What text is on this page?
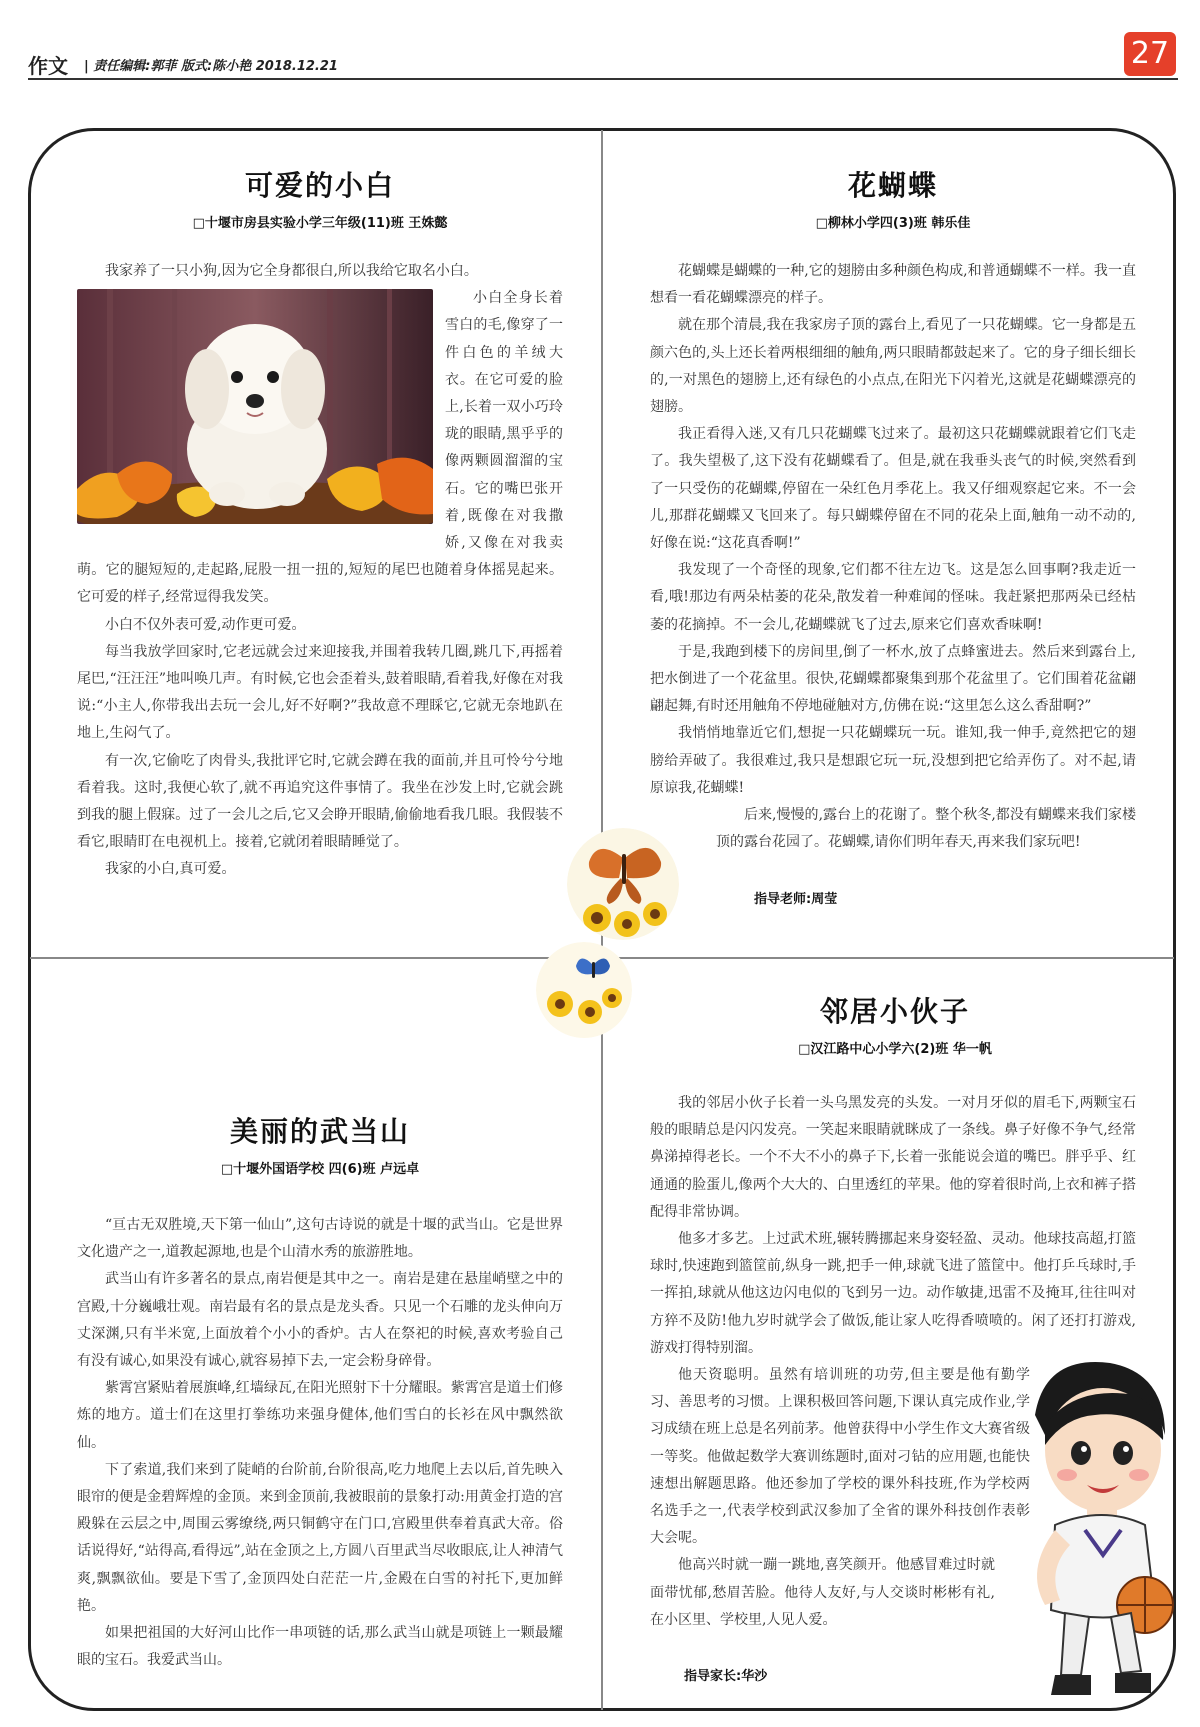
作文 | 责任编辑:郭菲 版式:陈小艳 2018.12.21	27
可爱的小白
□十堰市房县实验小学三年级(11)班 王姝懿

我家养了一只小狗,因为它全身都很白,所以我给它取名小白。

小白全身长着雪白的毛,像穿了一件白色的羊绒大衣。在它可爱的脸上,长着一双小巧玲珑的眼睛,黑乎乎的像两颗圆溜溜的宝石。它的嘴巴张开着,既像在对我撒娇,又像在对我卖萌。它的腿短短的,走起路,屁股一扭一扭的,短短的尾巴也随着身体摇晃起来。它可爱的样子,经常逗得我发笑。

小白不仅外表可爱,动作更可爱。

每当我放学回家时,它老远就会过来迎接我,并围着我转几圈,跳几下,再摇着尾巴,“汪汪汪”地叫唤几声。有时候,它也会歪着头,鼓着眼睛,看着我,好像在对我说:“小主人,你带我出去玩一会儿,好不好啊?”我故意不理睬它,它就无奈地趴在地上,生闷气了。

有一次,它偷吃了肉骨头,我批评它时,它就会蹲在我的面前,并且可怜兮兮地看着我。这时,我便心软了,就不再追究这件事情了。我坐在沙发上时,它就会跳到我的腿上假寐。过了一会儿之后,它又会睁开眼睛,偷偷地看我几眼。我假装不看它,眼睛盯在电视机上。接着,它就闭着眼睛睡觉了。

我家的小白,真可爱。

花蝴蝶
□柳林小学四(3)班 韩乐佳

花蝴蝶是蝴蝶的一种,它的翅膀由多种颜色构成,和普通蝴蝶不一样。我一直想看一看花蝴蝶漂亮的样子。

就在那个清晨,我在我家房子顶的露台上,看见了一只花蝴蝶。它一身都是五颜六色的,头上还长着两根细细的触角,两只眼睛都鼓起来了。它的身子细长细长的,一对黑色的翅膀上,还有绿色的小点点,在阳光下闪着光,这就是花蝴蝶漂亮的翅膀。

我正看得入迷,又有几只花蝴蝶飞过来了。最初这只花蝴蝶就跟着它们飞走了。我失望极了,这下没有花蝴蝶看了。但是,就在我垂头丧气的时候,突然看到了一只受伤的花蝴蝶,停留在一朵红色月季花上。我又仔细观察起它来。不一会儿,那群花蝴蝶又飞回来了。每只蝴蝶停留在不同的花朵上面,触角一动不动的,好像在说:“这花真香啊!”

我发现了一个奇怪的现象,它们都不往左边飞。这是怎么回事啊?我走近一看,哦!那边有两朵枯萎的花朵,散发着一种难闻的怪味。我赶紧把那两朵已经枯萎的花摘掉。不一会儿,花蝴蝶就飞了过去,原来它们喜欢香味啊!

于是,我跑到楼下的房间里,倒了一杯水,放了点蜂蜜进去。然后来到露台上,把水倒进了一个花盆里。很快,花蝴蝶都聚集到那个花盆里了。它们围着花盆翩翩起舞,有时还用触角不停地碰触对方,仿佛在说:“这里怎么这么香甜啊?”

我悄悄地靠近它们,想捉一只花蝴蝶玩一玩。谁知,我一伸手,竟然把它的翅膀给弄破了。我很难过,我只是想跟它玩一玩,没想到把它给弄伤了。对不起,请原谅我,花蝴蝶!

后来,慢慢的,露台上的花谢了。整个秋冬,都没有蝴蝶来我们家楼顶的露台花园了。花蝴蝶,请你们明年春天,再来我们家玩吧!

指导老师:周莹
美丽的武当山
□十堰外国语学校 四(6)班 卢远卓

“亘古无双胜境,天下第一仙山”,这句古诗说的就是十堰的武当山。它是世界文化遗产之一,道教起源地,也是个山清水秀的旅游胜地。

武当山有许多著名的景点,南岩便是其中之一。南岩是建在悬崖峭壁之中的宫殿,十分巍峨壮观。南岩最有名的景点是龙头香。只见一个石雕的龙头伸向万丈深渊,只有半米宽,上面放着个小小的香炉。古人在祭祀的时候,喜欢考验自己有没有诚心,如果没有诚心,就容易掉下去,一定会粉身碎骨。

紫霄宫紧贴着展旗峰,红墙绿瓦,在阳光照射下十分耀眼。紫霄宫是道士们修炼的地方。道士们在这里打拳练功来强身健体,他们雪白的长衫在风中飘然欲仙。

下了索道,我们来到了陡峭的台阶前,台阶很高,吃力地爬上去以后,首先映入眼帘的便是金碧辉煌的金顶。来到金顶前,我被眼前的景象打动:用黄金打造的宫殿躲在云层之中,周围云雾缭绕,两只铜鹤守在门口,宫殿里供奉着真武大帝。俗话说得好,“站得高,看得远”,站在金顶之上,方圆八百里武当尽收眼底,让人神清气爽,飘飘欲仙。要是下雪了,金顶四处白茫茫一片,金殿在白雪的衬托下,更加鲜艳。

如果把祖国的大好河山比作一串项链的话,那么武当山就是项链上一颗最耀眼的宝石。我爱武当山。

邻居小伙子
□汉江路中心小学六(2)班 华一帆

我的邻居小伙子长着一头乌黑发亮的头发。一对月牙似的眉毛下,两颗宝石般的眼睛总是闪闪发亮。一笑起来眼睛就眯成了一条线。鼻子好像不争气,经常鼻涕掉得老长。一个不大不小的鼻子下,长着一张能说会道的嘴巴。胖乎乎、红通通的脸蛋儿,像两个大大的、白里透红的苹果。他的穿着很时尚,上衣和裤子搭配得非常协调。

他多才多艺。上过武术班,辗转腾挪起来身姿轻盈、灵动。他球技高超,打篮球时,快速跑到篮筐前,纵身一跳,把手一伸,球就飞进了篮筐中。他打乒乓球时,手一挥拍,球就从他这边闪电似的飞到另一边。动作敏捷,迅雷不及掩耳,往往叫对方猝不及防!他九岁时就学会了做饭,能让家人吃得香喷喷的。闲了还打打游戏,游戏打得特别溜。

他天资聪明。虽然有培训班的功劳,但主要是他有勤学习、善思考的习惯。上课积极回答问题,下课认真完成作业,学习成绩在班上总是名列前茅。他曾获得中小学生作文大赛省级一等奖。他做起数学大赛训练题时,面对刁钻的应用题,也能快速想出解题思路。他还参加了学校的课外科技班,作为学校两名选手之一,代表学校到武汉参加了全省的课外科技创作表彰大会呢。

他高兴时就一蹦一跳地,喜笑颜开。他感冒难过时就面带忧郁,愁眉苦脸。他待人友好,与人交谈时彬彬有礼,在小区里、学校里,人见人爱。

指导家长:华沙
